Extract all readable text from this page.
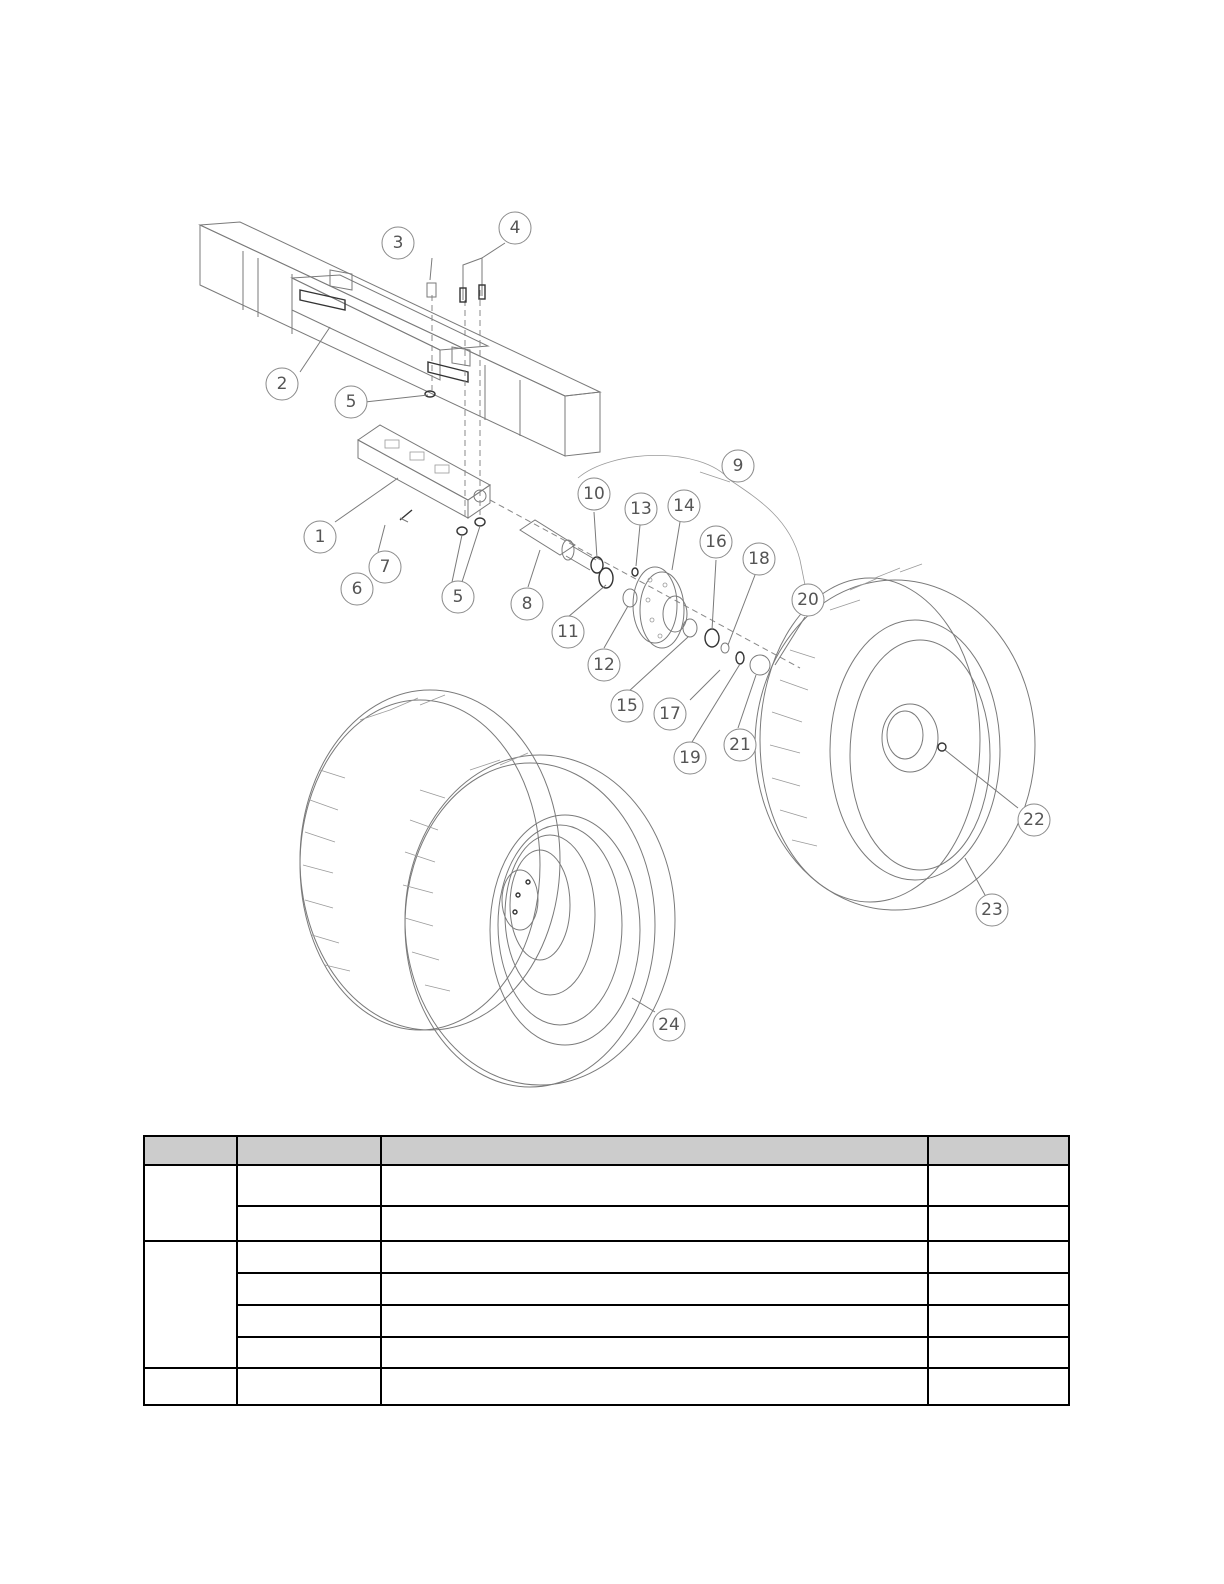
1
2
3
4
5
5
6
7
8
9
10
11
12
13 14
15
16
17
18
19
20
21
22
23
24
